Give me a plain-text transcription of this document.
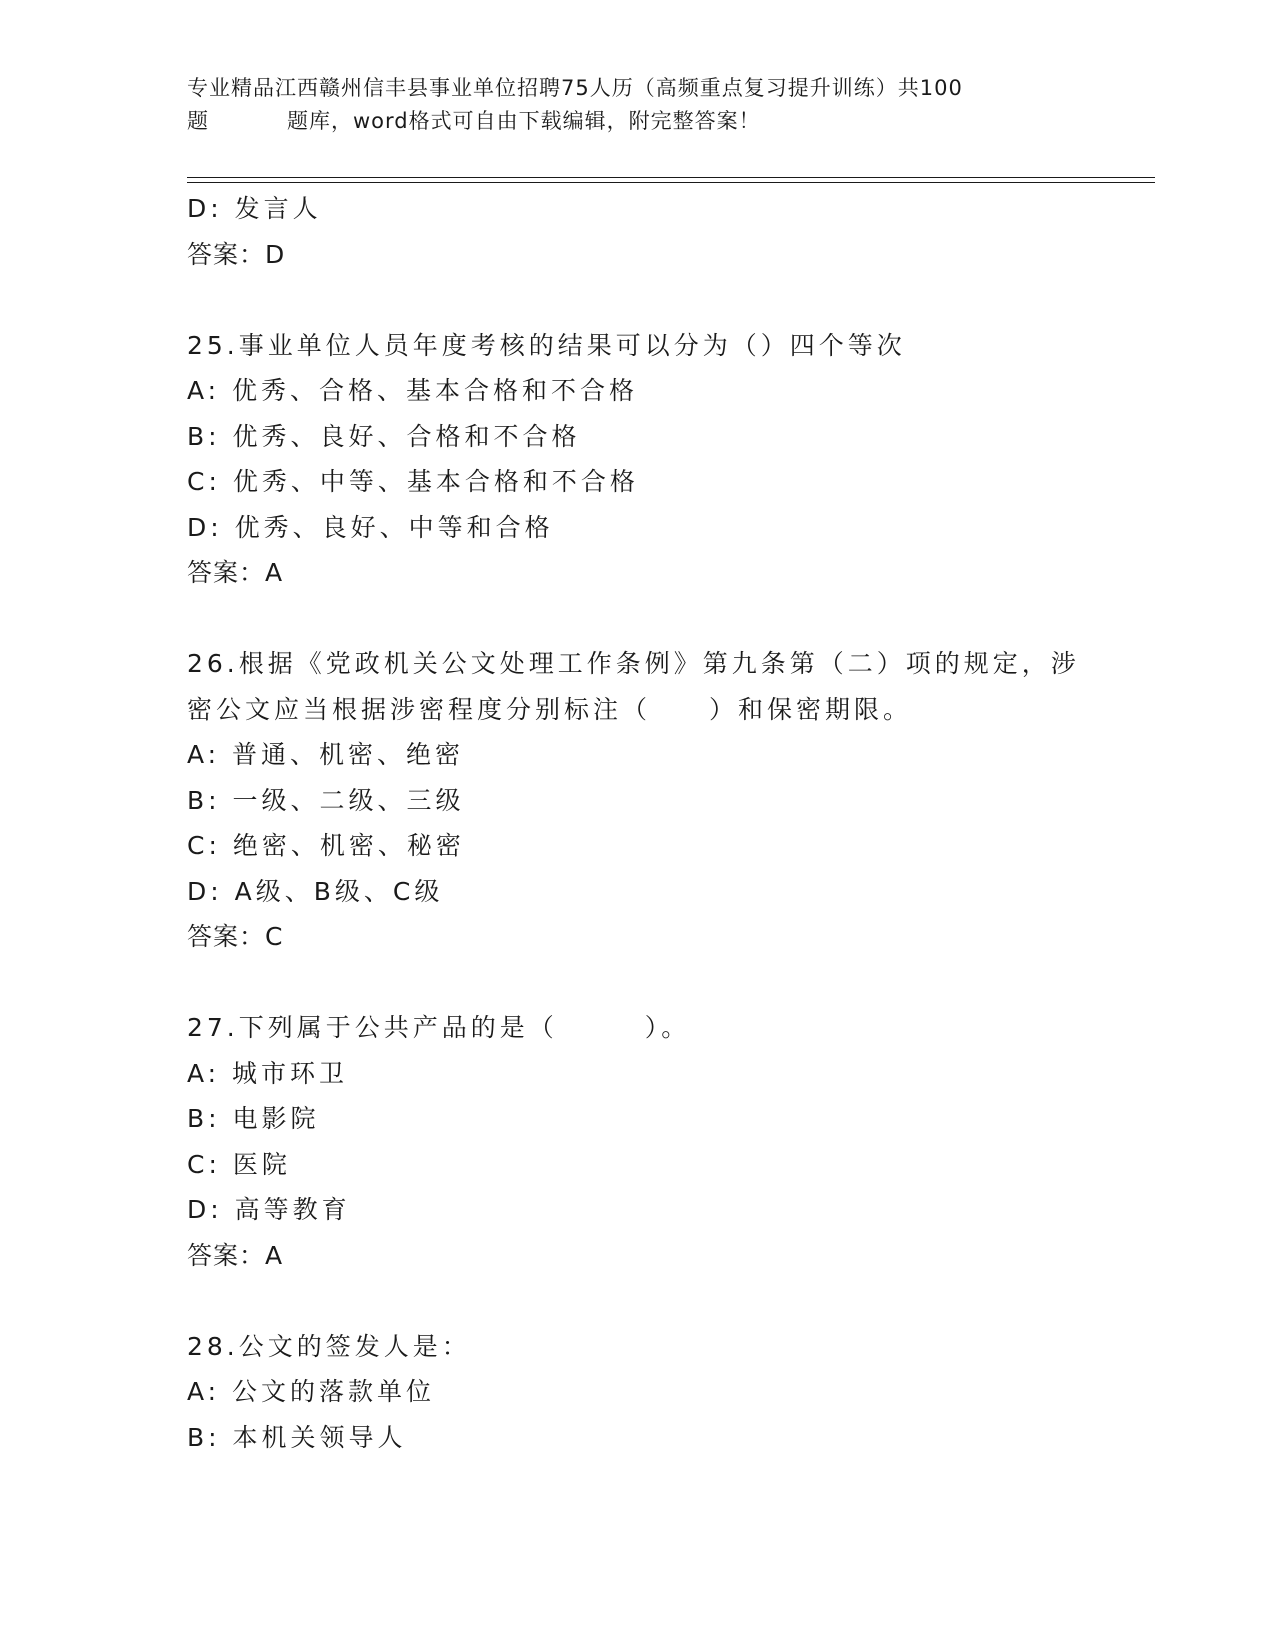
专业精品江西赣州信丰县事业单位招聘75人历（高频重点复习提升训练）共100
题	题库，word格式可自由下载编辑，附完整答案！
D: 发言人
答案：D
25.事业单位人员年度考核的结果可以分为（）四个等次
A: 优秀、合格、基本合格和不合格
B: 优秀、良好、合格和不合格
C: 优秀、中等、基本合格和不合格
D: 优秀、良好、中等和合格
答案：A
26.根据《党政机关公文处理工作条例》第九条第（二）项的规定，涉
密公文应当根据涉密程度分别标注（　　）和保密期限。
A: 普通、机密、绝密
B: 一级、二级、三级
C: 绝密、机密、秘密
D: A级、B级、C级
答案：C
27.下列属于公共产品的是（　　　）。
A: 城市环卫
B: 电影院
C: 医院
D: 高等教育
答案：A
28.公文的签发人是：
A: 公文的落款单位
B: 本机关领导人
